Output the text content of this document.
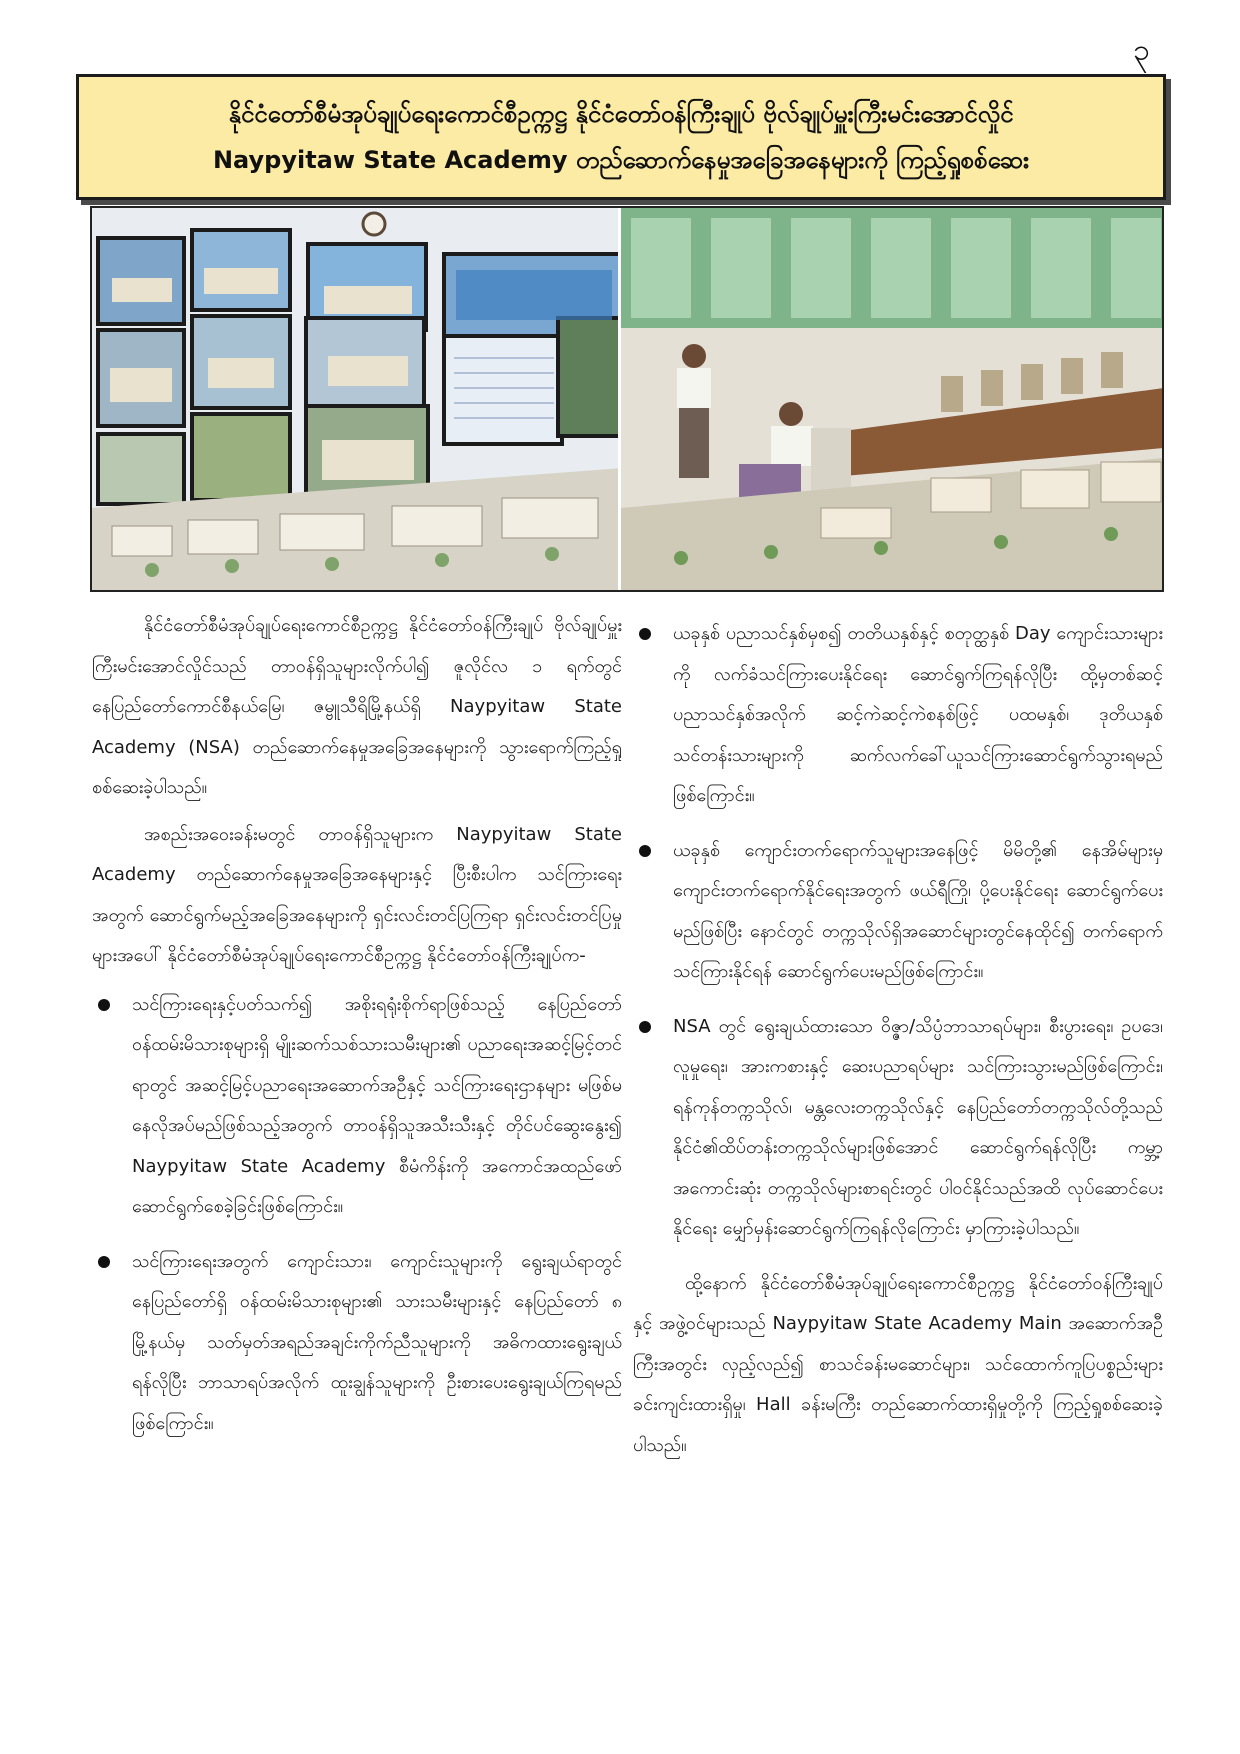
၃
နိုင်ငံတော်စီမံအုပ်ချုပ်ရေးကောင်စီဥက္ကဋ္ဌ နိုင်ငံတော်ဝန်ကြီးချုပ် ဗိုလ်ချုပ်မှူးကြီးမင်းအောင်လှိုင်
Naypyitaw State Academy တည်ဆောက်နေမှုအခြေအနေများကို ကြည့်ရှုစစ်ဆေး

နိုင်ငံတော်စီမံအုပ်ချုပ်ရေးကောင်စီဥက္ကဋ္ဌ နိုင်ငံတော်ဝန်ကြီးချုပ် ဗိုလ်ချုပ်မှူးကြီးမင်းအောင်လှိုင်သည် တာဝန်ရှိသူများလိုက်ပါ၍ ဇူလိုင်လ ၁ ရက်တွင် နေပြည်တော်ကောင်စီနယ်မြေ၊ ဇမ္ဗူသီရိမြို့နယ်ရှိ Naypyitaw State Academy (NSA) တည်ဆောက်နေမှုအခြေအနေများကို သွားရောက်ကြည့်ရှုစစ်ဆေးခဲ့ပါသည်။

အစည်းအဝေးခန်းမတွင် တာဝန်ရှိသူများက Naypyitaw State Academy တည်ဆောက်နေမှုအခြေအနေများနှင့် ပြီးစီးပါက သင်ကြားရေးအတွက် ဆောင်ရွက်မည့်အခြေအနေများကို ရှင်းလင်းတင်ပြကြရာ ရှင်းလင်းတင်ပြမှုများအပေါ် နိုင်ငံတော်စီမံအုပ်ချုပ်ရေးကောင်စီဥက္ကဋ္ဌ နိုင်ငံတော်ဝန်ကြီးချုပ်က-

သင်ကြားရေးနှင့်ပတ်သက်၍ အစိုးရရုံးစိုက်ရာဖြစ်သည့် နေပြည်တော် ဝန်ထမ်းမိသားစုများရှိ မျိုးဆက်သစ်သားသမီးများ၏ ပညာရေးအဆင့်မြင့်တင်ရာတွင် အဆင့်မြင့်ပညာရေးအဆောက်အဦနှင့် သင်ကြားရေးဌာနများ မဖြစ်မနေလိုအပ်မည်ဖြစ်သည့်အတွက် တာဝန်ရှိသူအသီးသီးနှင့် တိုင်ပင်ဆွေးနွေး၍ Naypyitaw State Academy စီမံကိန်းကို အကောင်အထည်ဖော် ဆောင်ရွက်စေခဲ့ခြင်းဖြစ်ကြောင်း။
သင်ကြားရေးအတွက် ကျောင်းသား၊ ကျောင်းသူများကို ရွေးချယ်ရာတွင် နေပြည်တော်ရှိ ဝန်ထမ်းမိသားစုများ၏ သားသမီးများနှင့် နေပြည်တော် ၈ မြို့နယ်မှ သတ်မှတ်အရည်အချင်းကိုက်ညီသူများကို အဓိကထားရွေးချယ်ရန်လိုပြီး ဘာသာရပ်အလိုက် ထူးချွန်သူများကို ဦးစားပေးရွေးချယ်ကြရမည်ဖြစ်ကြောင်း။
ယခုနှစ် ပညာသင်နှစ်မှစ၍ တတိယနှစ်နှင့် စတုတ္ထနှစ် Day ကျောင်းသားများကို လက်ခံသင်ကြားပေးနိုင်ရေး ဆောင်ရွက်ကြရန်လိုပြီး ထို့မှတစ်ဆင့် ပညာသင်နှစ်အလိုက် ဆင့်ကဲဆင့်ကဲစနစ်ဖြင့် ပထမနှစ်၊ ဒုတိယနှစ်သင်တန်းသားများကို ဆက်လက်ခေါ်ယူသင်ကြားဆောင်ရွက်သွားရမည်ဖြစ်ကြောင်း။
ယခုနှစ် ကျောင်းတက်ရောက်သူများအနေဖြင့် မိမိတို့၏ နေအိမ်များမှ ကျောင်းတက်ရောက်နိုင်ရေးအတွက် ဖယ်ရီကြို၊ ပို့ပေးနိုင်ရေး ဆောင်ရွက်ပေးမည်ဖြစ်ပြီး နောင်တွင် တက္ကသိုလ်ရှိအဆောင်များတွင်နေထိုင်၍ တက်ရောက်သင်ကြားနိုင်ရန် ဆောင်ရွက်ပေးမည်ဖြစ်ကြောင်း။
NSA တွင် ရွေးချယ်ထားသော ဝိဇ္ဇာ/သိပ္ပံဘာသာရပ်များ၊ စီးပွားရေး၊ ဥပဒေ၊ လူမှုရေး၊ အားကစားနှင့် ဆေးပညာရပ်များ သင်ကြားသွားမည်ဖြစ်ကြောင်း၊ ရန်ကုန်တက္ကသိုလ်၊ မန္တလေးတက္ကသိုလ်နှင့် နေပြည်တော်တက္ကသိုလ်တို့သည် နိုင်ငံ၏ထိပ်တန်းတက္ကသိုလ်များဖြစ်အောင် ဆောင်ရွက်ရန်လိုပြီး ကမ္ဘာ့အကောင်းဆုံး တက္ကသိုလ်များစာရင်းတွင် ပါဝင်နိုင်သည်အထိ လုပ်ဆောင်ပေးနိုင်ရေး မျှော်မှန်းဆောင်ရွက်ကြရန်လိုကြောင်း မှာကြားခဲ့ပါသည်။

ထို့နောက် နိုင်ငံတော်စီမံအုပ်ချုပ်ရေးကောင်စီဥက္ကဋ္ဌ နိုင်ငံတော်ဝန်ကြီးချုပ်နှင့် အဖွဲ့ဝင်များသည် Naypyitaw State Academy Main အဆောက်အဦကြီးအတွင်း လှည့်လည်၍ စာသင်ခန်းမဆောင်များ၊ သင်ထောက်ကူပြပစ္စည်းများ ခင်းကျင်းထားရှိမှု၊ Hall ခန်းမကြီး တည်ဆောက်ထားရှိမှုတို့ကို ကြည့်ရှုစစ်ဆေးခဲ့ပါသည်။
